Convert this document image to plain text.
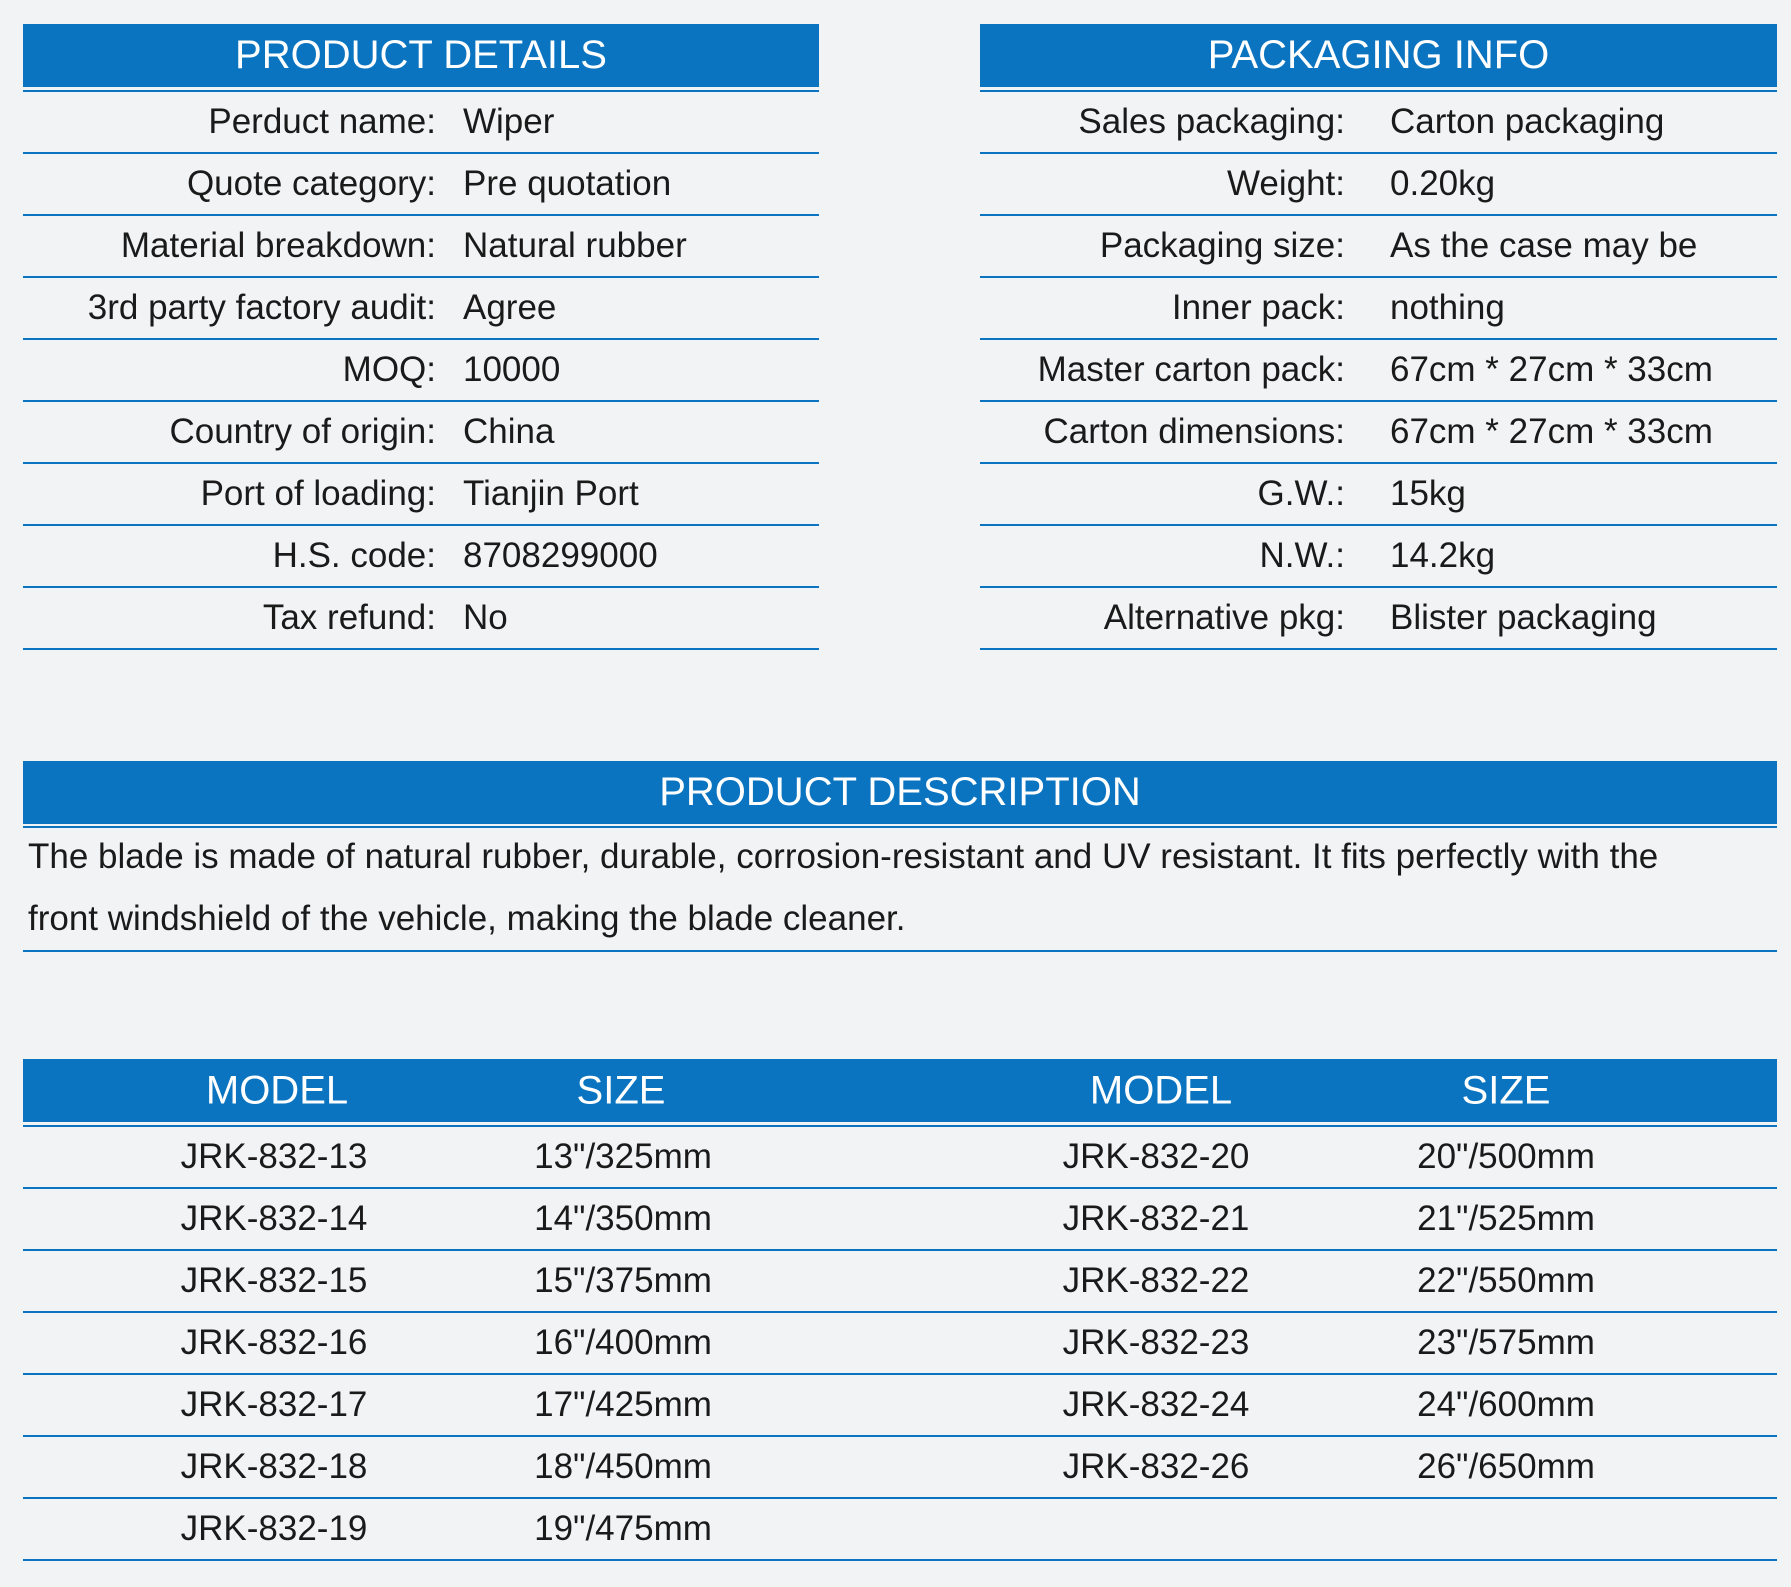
PRODUCT DETAILS
Perduct name: Wiper
Quote category: Pre quotation
Material breakdown: Natural rubber
3rd party factory audit: Agree
MOQ: 10000
Country of origin: China
Port of loading: Tianjin Port
H.S. code: 8708299000
Tax refund: No
PACKAGING INFO
Sales packaging: Carton packaging
Weight: 0.20kg
Packaging size: As the case may be
Inner pack: nothing
Master carton pack: 67cm * 27cm * 33cm
Carton dimensions: 67cm * 27cm * 33cm
G.W.: 15kg
N.W.: 14.2kg
Alternative pkg: Blister packaging
PRODUCT DESCRIPTION
The blade is made of natural rubber, durable, corrosion-resistant and UV resistant. It fits perfectly with the
front windshield of the vehicle, making the blade cleaner.
MODEL	SIZE	MODEL	SIZE
JRK-832-13	13"/325mm	JRK-832-20	20"/500mm
JRK-832-14	14"/350mm	JRK-832-21	21"/525mm
JRK-832-15	15"/375mm	JRK-832-22	22"/550mm
JRK-832-16	16"/400mm	JRK-832-23	23"/575mm
JRK-832-17	17"/425mm	JRK-832-24	24"/600mm
JRK-832-18	18"/450mm	JRK-832-26	26"/650mm
JRK-832-19	19"/475mm
